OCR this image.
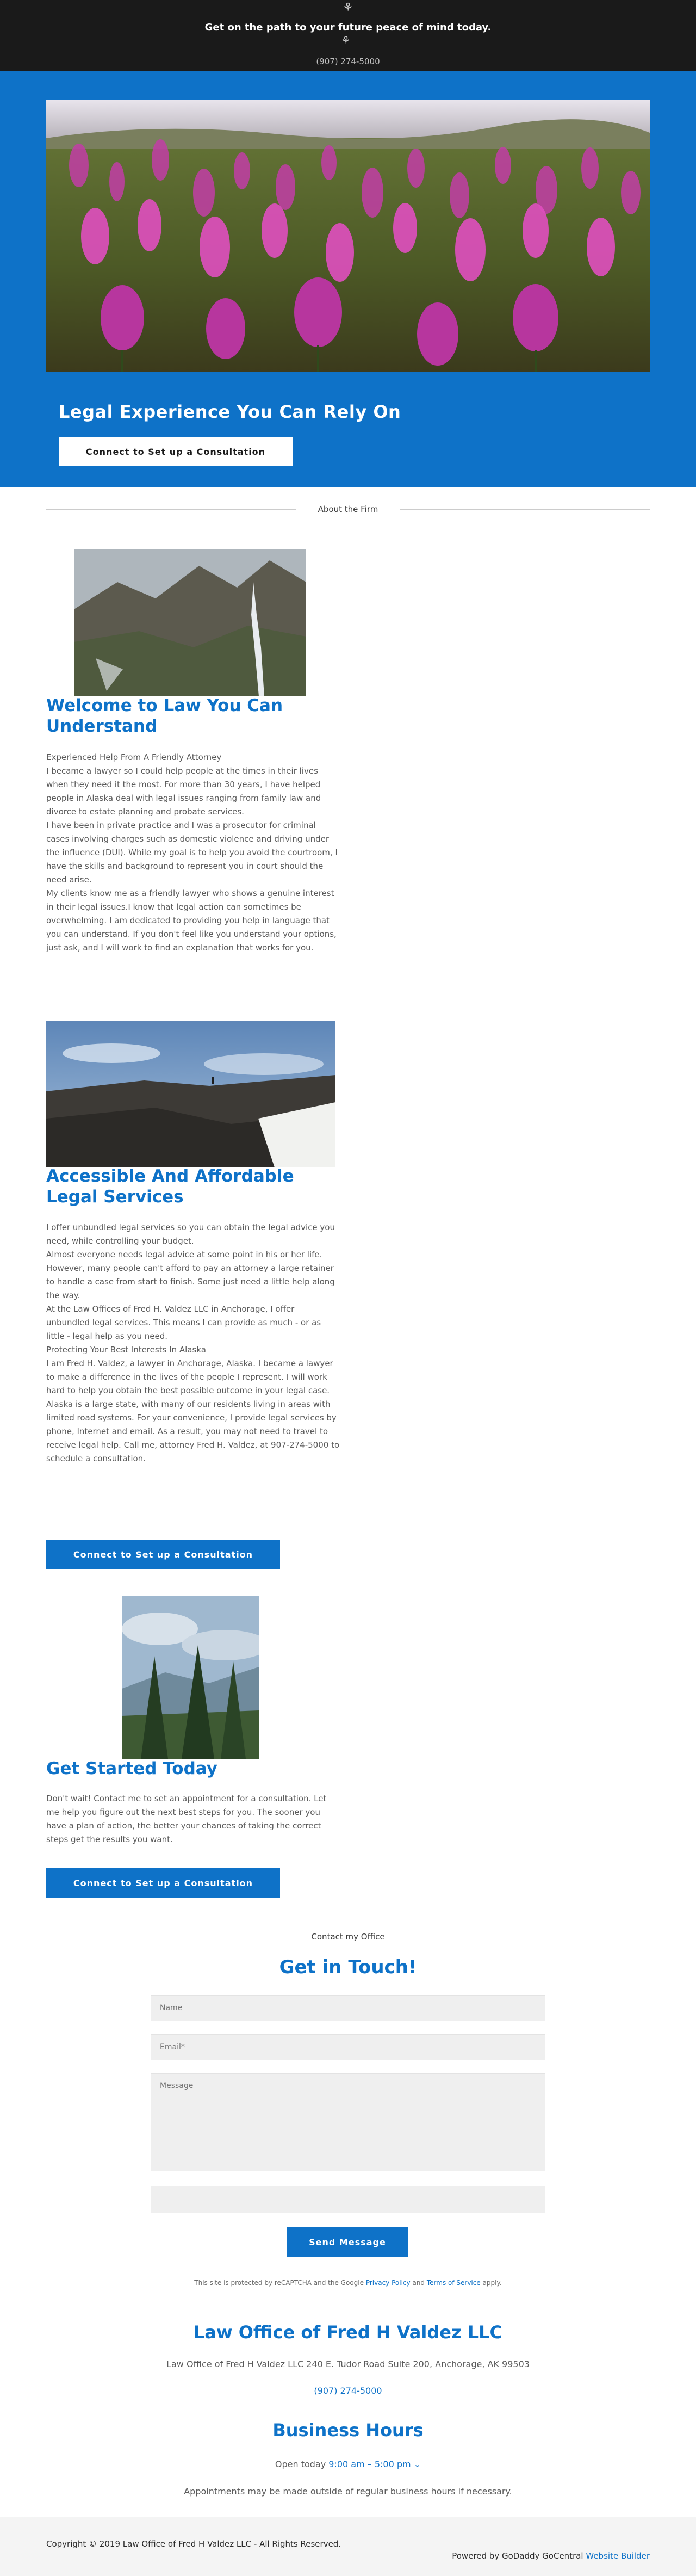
⚘
Get on the path to your future peace of mind today.
⚘
(907) 274-5000
Legal Experience You Can Rely On
Connect to Set up a Consultation
About the Firm
Welcome to Law You Can Understand

Experienced Help From A Friendly Attorney

I became a lawyer so I could help people at the times in their lives when they need it the most. For more than 30 years, I have helped people in Alaska deal with legal issues ranging from family law and divorce to estate planning and probate services.

I have been in private practice and I was a prosecutor for criminal cases involving charges such as domestic violence and driving under the influence (DUI). While my goal is to help you avoid the courtroom, I have the skills and background to represent you in court should the need arise.

My clients know me as a friendly lawyer who shows a genuine interest in their legal issues.I know that legal action can sometimes be overwhelming. I am dedicated to providing you help in language that you can understand. If you don't feel like you understand your options, just ask, and I will work to find an explanation that works for you.

Accessible And Affordable Legal Services

I offer unbundled legal services so you can obtain the legal advice you need, while controlling your budget.

Almost everyone needs legal advice at some point in his or her life. However, many people can't afford to pay an attorney a large retainer to handle a case from start to finish. Some just need a little help along the way.

At the Law Offices of Fred H. Valdez LLC in Anchorage, I offer unbundled legal services. This means I can provide as much - or as little - legal help as you need.

Protecting Your Best Interests In Alaska

I am Fred H. Valdez, a lawyer in Anchorage, Alaska. I became a lawyer to make a difference in the lives of the people I represent. I will work hard to help you obtain the best possible outcome in your legal case.

Alaska is a large state, with many of our residents living in areas with limited road systems. For your convenience, I provide legal services by phone, Internet and email. As a result, you may not need to travel to receive legal help. Call me, attorney Fred H. Valdez, at 907-274-5000 to schedule a consultation.

Connect to Set up a Consultation
Get Started Today
Don't wait! Contact me to set an appointment for a consultation. Let me help you figure out the next best steps for you. The sooner you have a plan of action, the better your chances of taking the correct steps get the results you want.
Connect to Set up a Consultation
Contact my Office
Get in Touch!
Name
Email*
Message
Send Message
This site is protected by reCAPTCHA and the Google Privacy Policy and Terms of Service apply.
Law Office of Fred H Valdez LLC
Law Office of Fred H Valdez LLC 240 E. Tudor Road Suite 200, Anchorage, AK 99503
(907) 274-5000
Business Hours
Open today 9:00 am – 5:00 pm ⌄
Appointments may be made outside of regular business hours if necessary.
Copyright © 2019 Law Office of Fred H Valdez LLC - All Rights Reserved.
Powered by GoDaddy GoCentral Website Builder
